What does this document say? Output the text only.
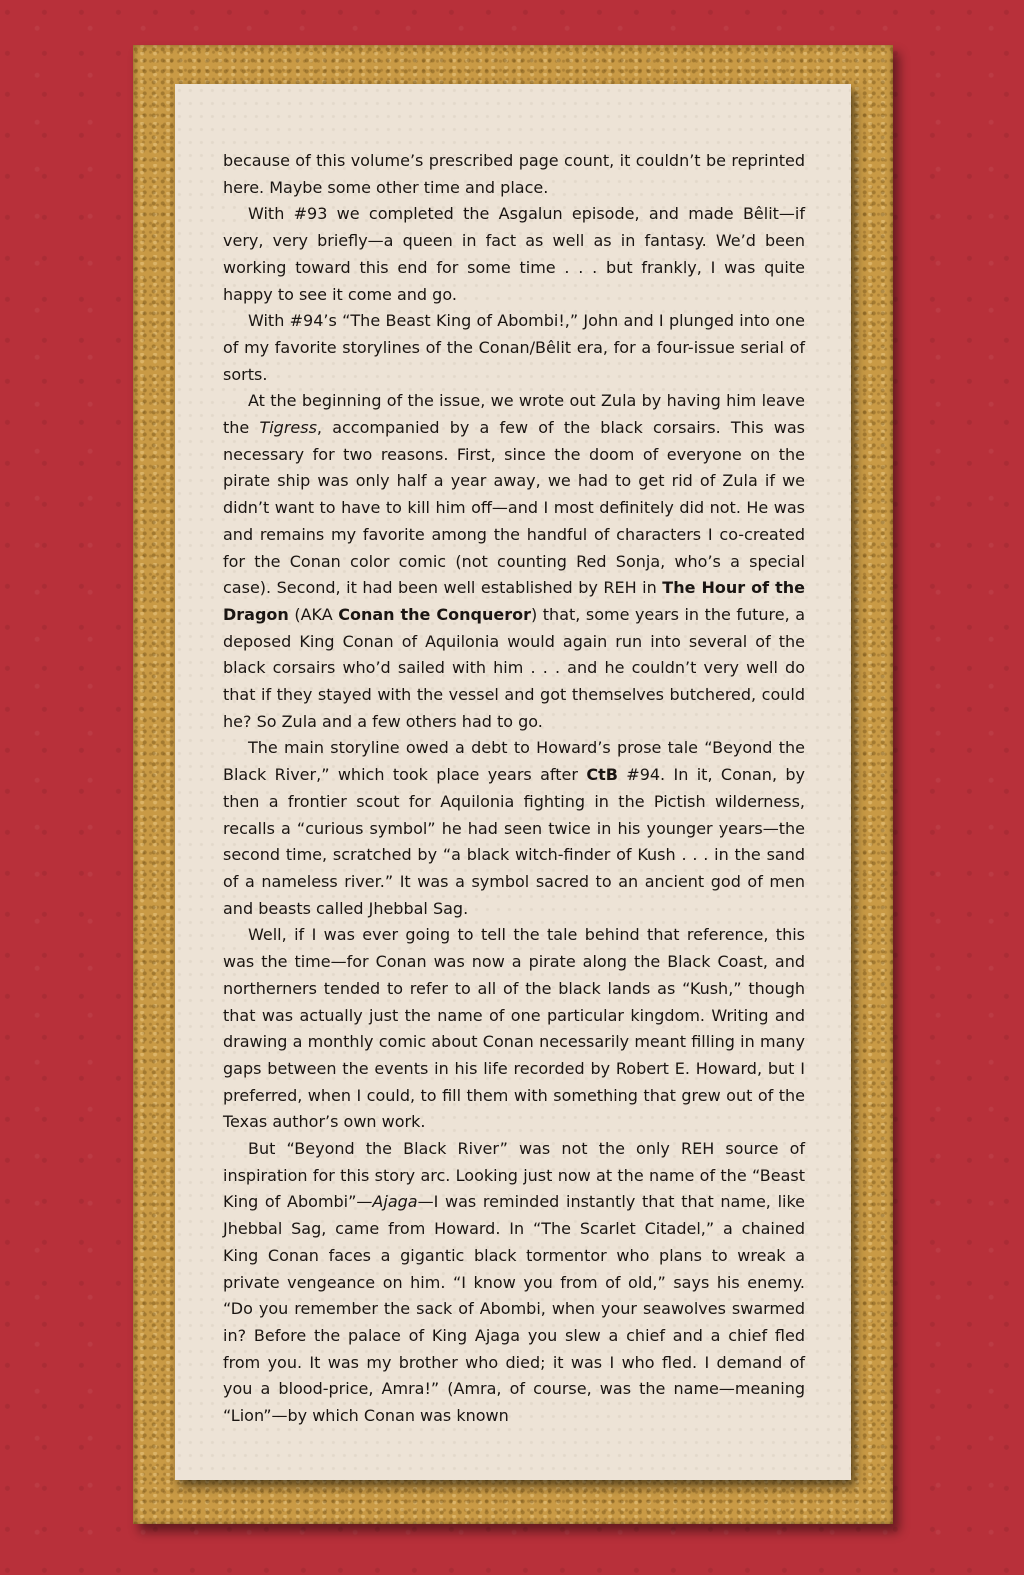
because of this volume’s prescribed page count, it couldn’t be reprinted here. Maybe some other time and place.

With #93 we completed the Asgalun episode, and made Bêlit—if very, very briefly—a queen in fact as well as in fantasy. We’d been working toward this end for some time . . . but frankly, I was quite happy to see it come and go.

With #94’s “The Beast King of Abombi!,” John and I plunged into one of my favorite storylines of the Conan/Bêlit era, for a four-issue serial of sorts.

At the beginning of the issue, we wrote out Zula by having him leave the Tigress, accompanied by a few of the black corsairs. This was necessary for two reasons. First, since the doom of everyone on the pirate ship was only half a year away, we had to get rid of Zula if we didn’t want to have to kill him off—and I most definitely did not. He was and remains my favorite among the handful of characters I co-created for the Conan color comic (not counting Red Sonja, who’s a special case). Second, it had been well established by REH in The Hour of the Dragon (AKA Conan the Conqueror) that, some years in the future, a deposed King Conan of Aquilonia would again run into several of the black corsairs who’d sailed with him . . . and he couldn’t very well do that if they stayed with the vessel and got themselves butchered, could he? So Zula and a few others had to go.

The main storyline owed a debt to Howard’s prose tale “Beyond the Black River,” which took place years after CtB #94. In it, Conan, by then a frontier scout for Aquilonia fighting in the Pictish wilderness, recalls a “curious symbol” he had seen twice in his younger years—the second time, scratched by “a black witch-finder of Kush . . . in the sand of a nameless river.” It was a symbol sacred to an ancient god of men and beasts called Jhebbal Sag.

Well, if I was ever going to tell the tale behind that reference, this was the time—for Conan was now a pirate along the Black Coast, and northerners tended to refer to all of the black lands as “Kush,” though that was actually just the name of one particular kingdom. Writing and drawing a monthly comic about Conan necessarily meant filling in many gaps between the events in his life recorded by Robert E. Howard, but I preferred, when I could, to fill them with something that grew out of the Texas author’s own work.

But “Beyond the Black River” was not the only REH source of inspiration for this story arc. Looking just now at the name of the “Beast King of Abombi”—Ajaga—I was reminded instantly that that name, like Jhebbal Sag, came from Howard. In “The Scarlet Citadel,” a chained King Conan faces a gigantic black tormentor who plans to wreak a private vengeance on him. “I know you from of old,” says his enemy. “Do you remember the sack of Abombi, when your seawolves swarmed in? Before the palace of King Ajaga you slew a chief and a chief fled from you. It was my brother who died; it was I who fled. I demand of you a blood-price, Amra!” (Amra, of course, was the name—meaning “Lion”—by which Conan was known
